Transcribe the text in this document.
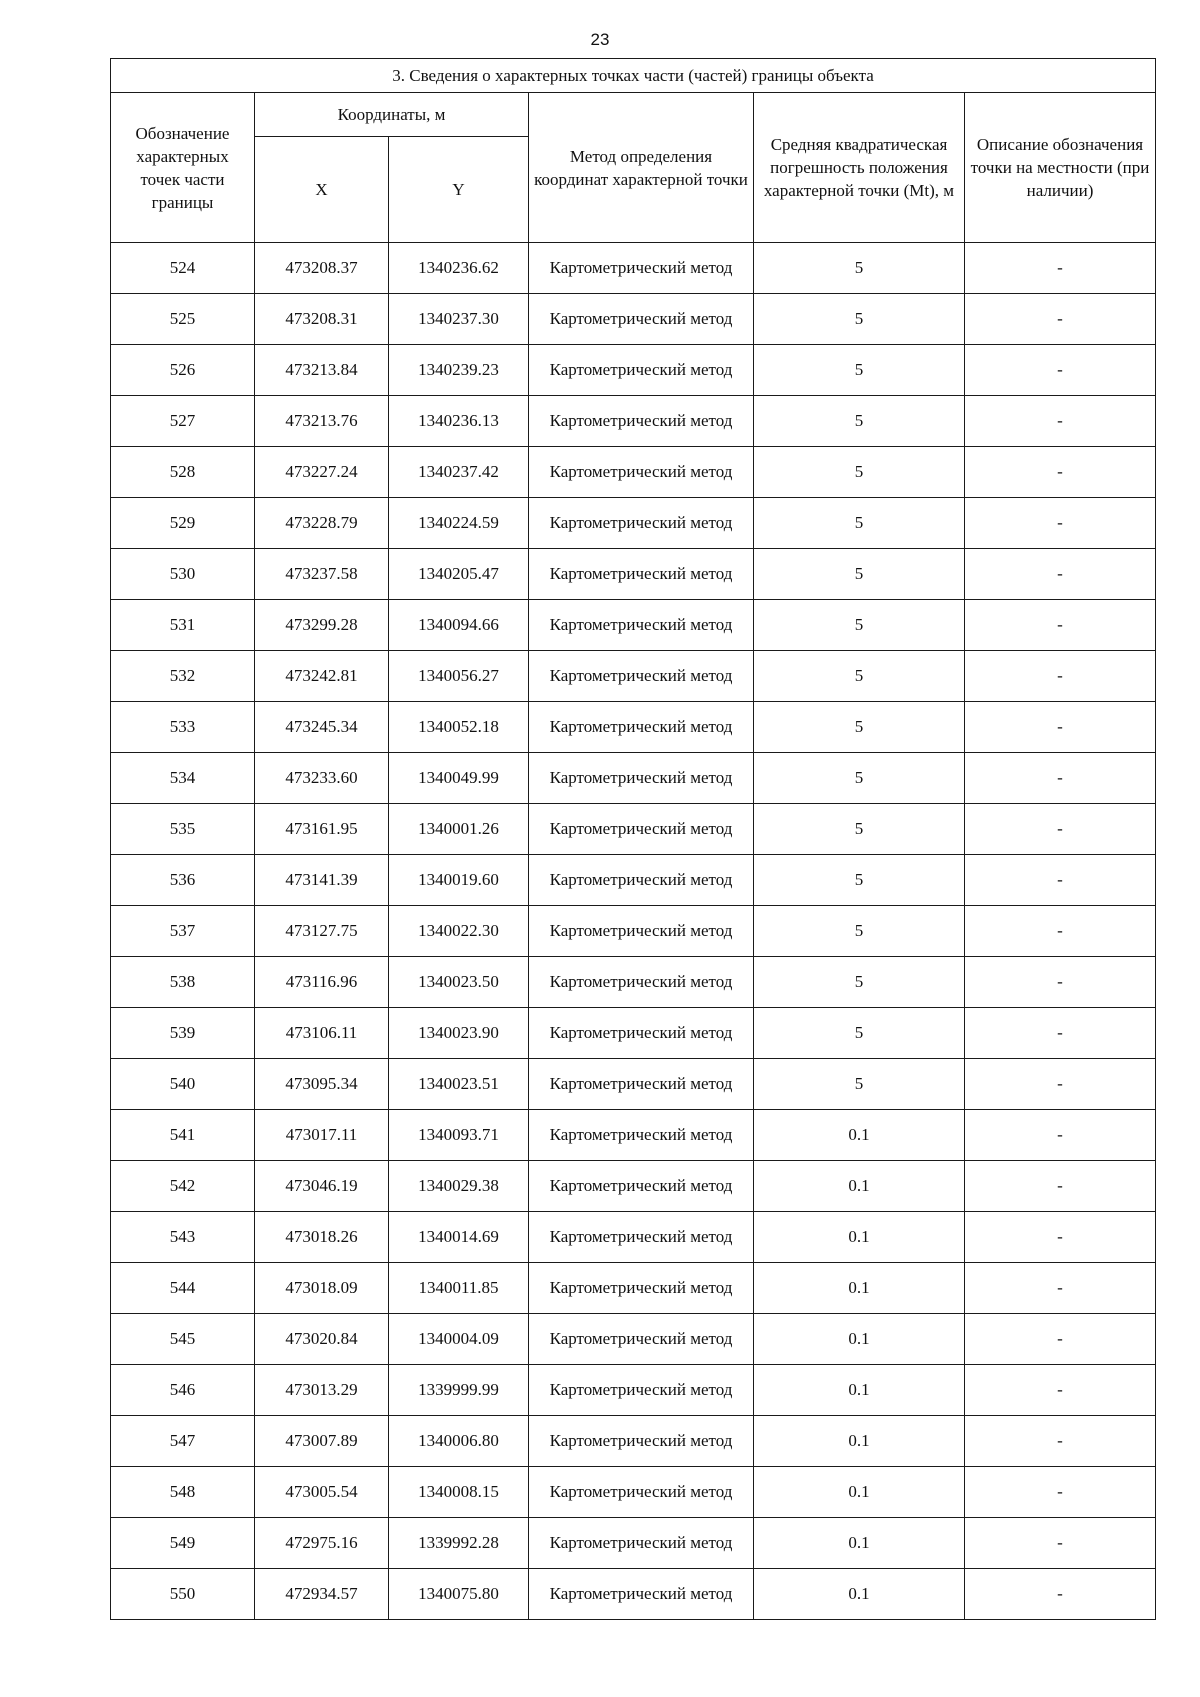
23
3. Сведения о характерных точках части (частей) границы объекта					
Обозначение характерных точек части границы	Координаты, м		Метод определения координат характерной точки	Средняя квадратическая погрешность положения характерной точки (Mt), м	Описание обозначения точки на местности (при наличии)
	X	Y			
524	473208.37	1340236.62	Картометрический метод	5	-
525	473208.31	1340237.30	Картометрический метод	5	-
526	473213.84	1340239.23	Картометрический метод	5	-
527	473213.76	1340236.13	Картометрический метод	5	-
528	473227.24	1340237.42	Картометрический метод	5	-
529	473228.79	1340224.59	Картометрический метод	5	-
530	473237.58	1340205.47	Картометрический метод	5	-
531	473299.28	1340094.66	Картометрический метод	5	-
532	473242.81	1340056.27	Картометрический метод	5	-
533	473245.34	1340052.18	Картометрический метод	5	-
534	473233.60	1340049.99	Картометрический метод	5	-
535	473161.95	1340001.26	Картометрический метод	5	-
536	473141.39	1340019.60	Картометрический метод	5	-
537	473127.75	1340022.30	Картометрический метод	5	-
538	473116.96	1340023.50	Картометрический метод	5	-
539	473106.11	1340023.90	Картометрический метод	5	-
540	473095.34	1340023.51	Картометрический метод	5	-
541	473017.11	1340093.71	Картометрический метод	0.1	-
542	473046.19	1340029.38	Картометрический метод	0.1	-
543	473018.26	1340014.69	Картометрический метод	0.1	-
544	473018.09	1340011.85	Картометрический метод	0.1	-
545	473020.84	1340004.09	Картометрический метод	0.1	-
546	473013.29	1339999.99	Картометрический метод	0.1	-
547	473007.89	1340006.80	Картометрический метод	0.1	-
548	473005.54	1340008.15	Картометрический метод	0.1	-
549	472975.16	1339992.28	Картометрический метод	0.1	-
550	472934.57	1340075.80	Картометрический метод	0.1	-
